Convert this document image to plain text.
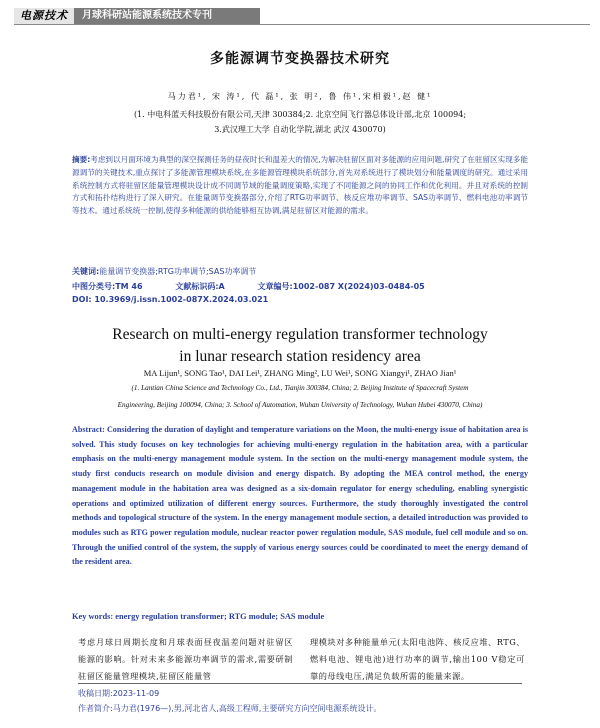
电源技术	月球科研站能源系统技术专刊
多能源调节变换器技术研究
马力君¹, 宋 涛¹, 代 磊¹, 张 明², 鲁 伟¹,宋相毅¹,赵 健¹
(1. 中电科蓝天科技股份有限公司,天津 300384;2. 北京空间飞行器总体设计部,北京 100094;
3.武汉理工大学 自动化学院,湖北 武汉 430070)
摘要:考虑到以月面环境为典型的深空探测任务的昼夜时长和温差大的情况,为解决驻留区面对多能源的应用问题,研究了在驻留区实现多能源调节的关键技术,重点探讨了多能源管理模块系统,在多能源管理模块系统部分,首先对系统进行了模块划分和能量调度的研究。通过采用系统控制方式将驻留区能量管理模块设计成不同调节域的能量调度策略,实现了不同能源之间的协同工作和优化利用。并且对系统的控制方式和拓扑结构进行了深入研究。在能量调节变换器部分,介绍了RTG功率调节、核反应堆功率调节、SAS功率调节、燃料电池功率调节等技术。通过系统统一控制,使得多种能源的供给能够相互协调,满足驻留区对能源的需求。
关键词:能量调节变换器;RTG功率调节;SAS功率调节
中图分类号:TM 46	文献标识码:A	文章编号:1002-087 X(2024)03-0484-05
DOI: 10.3969/j.issn.1002-087X.2024.03.021
Research on multi-energy regulation transformer technology
in lunar research station residency area
MA Lijun¹, SONG Tao¹, DAI Lei¹, ZHANG Ming², LU Wei¹, SONG Xiangyi¹, ZHAO Jian¹
(1. Lantian China Science and Technology Co., Ltd., Tianjin 300384, China; 2. Beijing Institute of Spacecraft System
Engineering, Beijing 100094, China; 3. School of Automation, Wuhan University of Technology, Wuhan Hubei 430070, China)
Abstract: Considering the duration of daylight and temperature variations on the Moon, the multi-energy issue of habitation area is solved. This study focuses on key technologies for achieving multi-energy regulation in the habitation area, with a particular emphasis on the multi-energy management module system. In the section on the multi-energy management module system, the study first conducts research on module division and energy dispatch. By adopting the MEA control method, the energy management module in the habitation area was designed as a six-domain regulator for energy scheduling, enabling synergistic operations and optimized utilization of different energy sources. Furthermore, the study thoroughly investigated the control methods and topological structure of the system. In the energy management module section, a detailed introduction was provided to modules such as RTG power regulation module, nuclear reactor power regulation module, SAS module, fuel cell module and so on. Through the unified control of the system, the supply of various energy sources could be coordinated to meet the energy demand of the resident area.
Key words: energy regulation transformer; RTG module; SAS module
考虑月球日周期长度和月球表面昼夜温差问题对驻留区能源的影响。针对未来多能源功率调节的需求,需要研制驻留区能量管理模块,驻留区能量管
理模块对多种能量单元(太阳电池阵、核反应堆、RTG、燃料电池、锂电池)进行功率的调节,输出100 V稳定可靠的母线电压,满足负载所需的能量来源。
收稿日期:2023-11-09
作者简介:马力君(1976—),男,河北省人,高级工程师,主要研究方向空间电源系统设计。
